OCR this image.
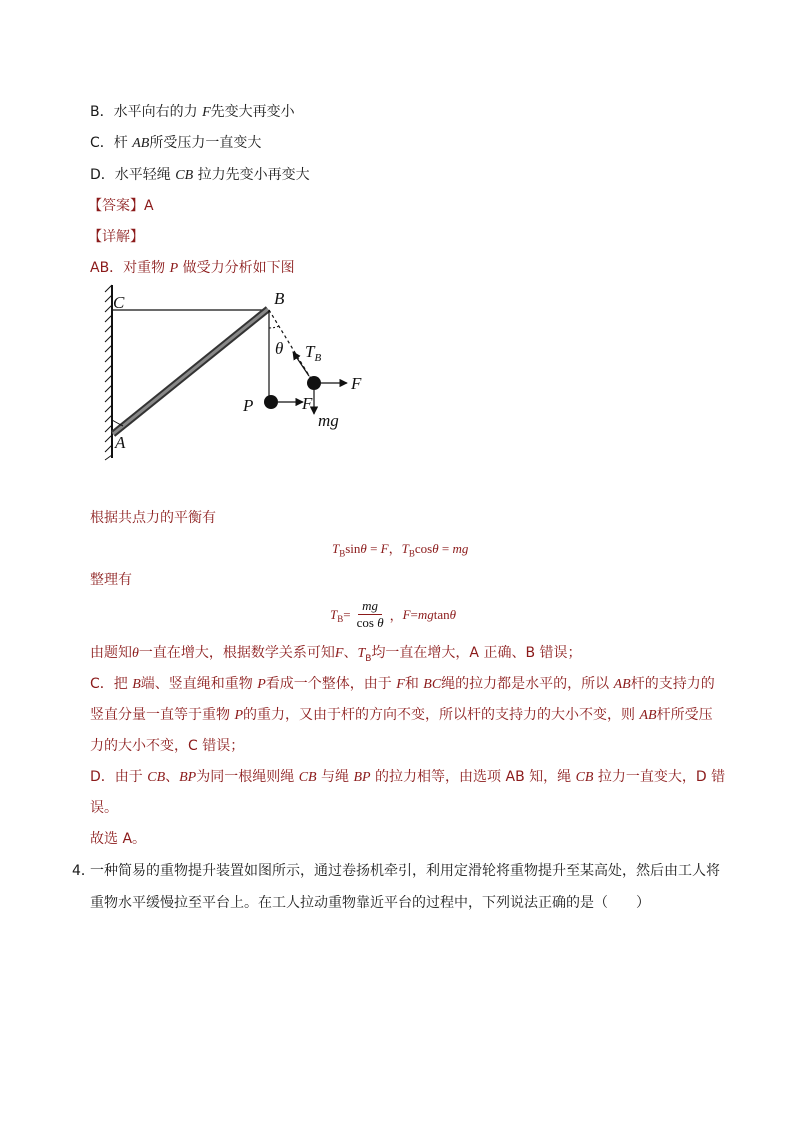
B．水平向右的力 F先变大再变小
C．杆 AB所受压力一直变大
D．水平轻绳 CB 拉力先变小再变大
【答案】A
【详解】
AB．对重物 P 做受力分析如下图
C	B
A
P
θ $T_B$
F
F
mg
根据共点力的平衡有
$T_B\sin\theta = F$，$T_B\cos\theta$ = mg
整理有
T $B = \frac{mg}{\text{cos θ}}$ ， F = mg tan θ
由题知θ一直在增大，根据数学关系可知F、$T_B$均一直在增大，A 正确、B 错误；
C．把 B端、竖直绳和重物 P看成一个整体，由于 F和 BC绳的拉力都是水平的，所以 AB杆的支持力的
竖直分量一直等于重物 P的重力，又由于杆的方向不变，所以杆的支持力的大小不变，则 AB杆所受压
力的大小不变，C 错误；
D．由于 CB、BP为同一根绳则绳 CB 与绳 BP 的拉力相等，由选项 AB 知，绳 CB 拉力一直变大，D 错
误。
故选 A。
4．
一种简易的重物提升装置如图所示，通过卷扬机牵引，利用定滑轮将重物提升至某高处，然后由工人将
重物水平缓慢拉至平台上。在工人拉动重物靠近平台的过程中，下列说法正确的是（　　）
